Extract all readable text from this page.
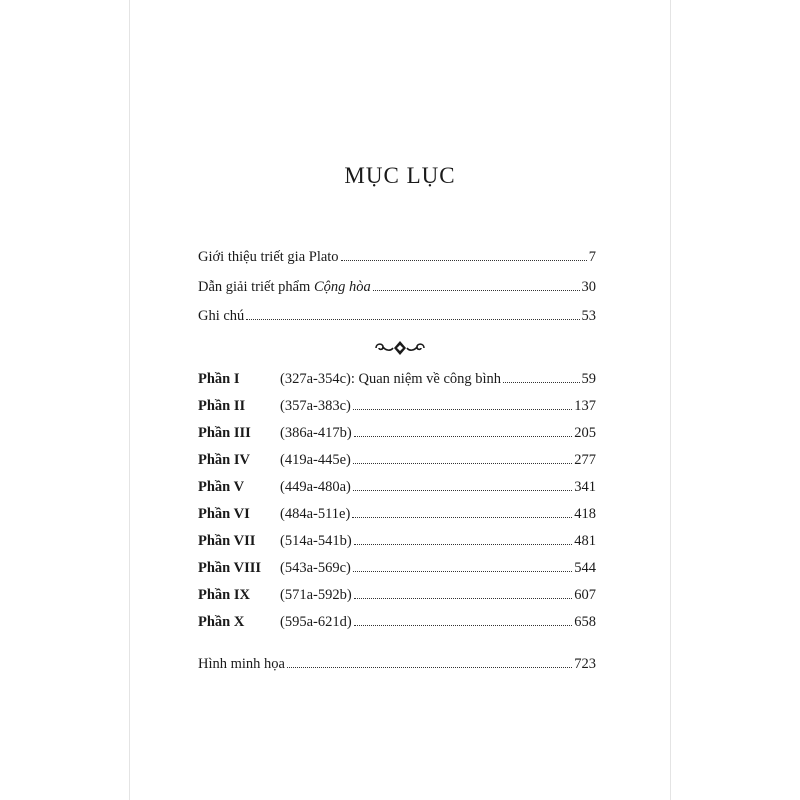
MỤC LỤC
Giới thiệu triết gia Plato	7
Dẫn giải triết phẩm Cộng hòa	30
Ghi chú	53
Phần I	(327a-354c): Quan niệm về công bình	59
Phần II (357a-383c)	137
Phần III (386a-417b)	205
Phần IV (419a-445e)	277
Phần V (449a-480a)	341
Phần VI (484a-511e)	418
Phần VII (514a-541b)	481
Phần VIII (543a-569c)	544
Phần IX (571a-592b)	607
Phần X (595a-621d)	658
Hình minh họa	723
